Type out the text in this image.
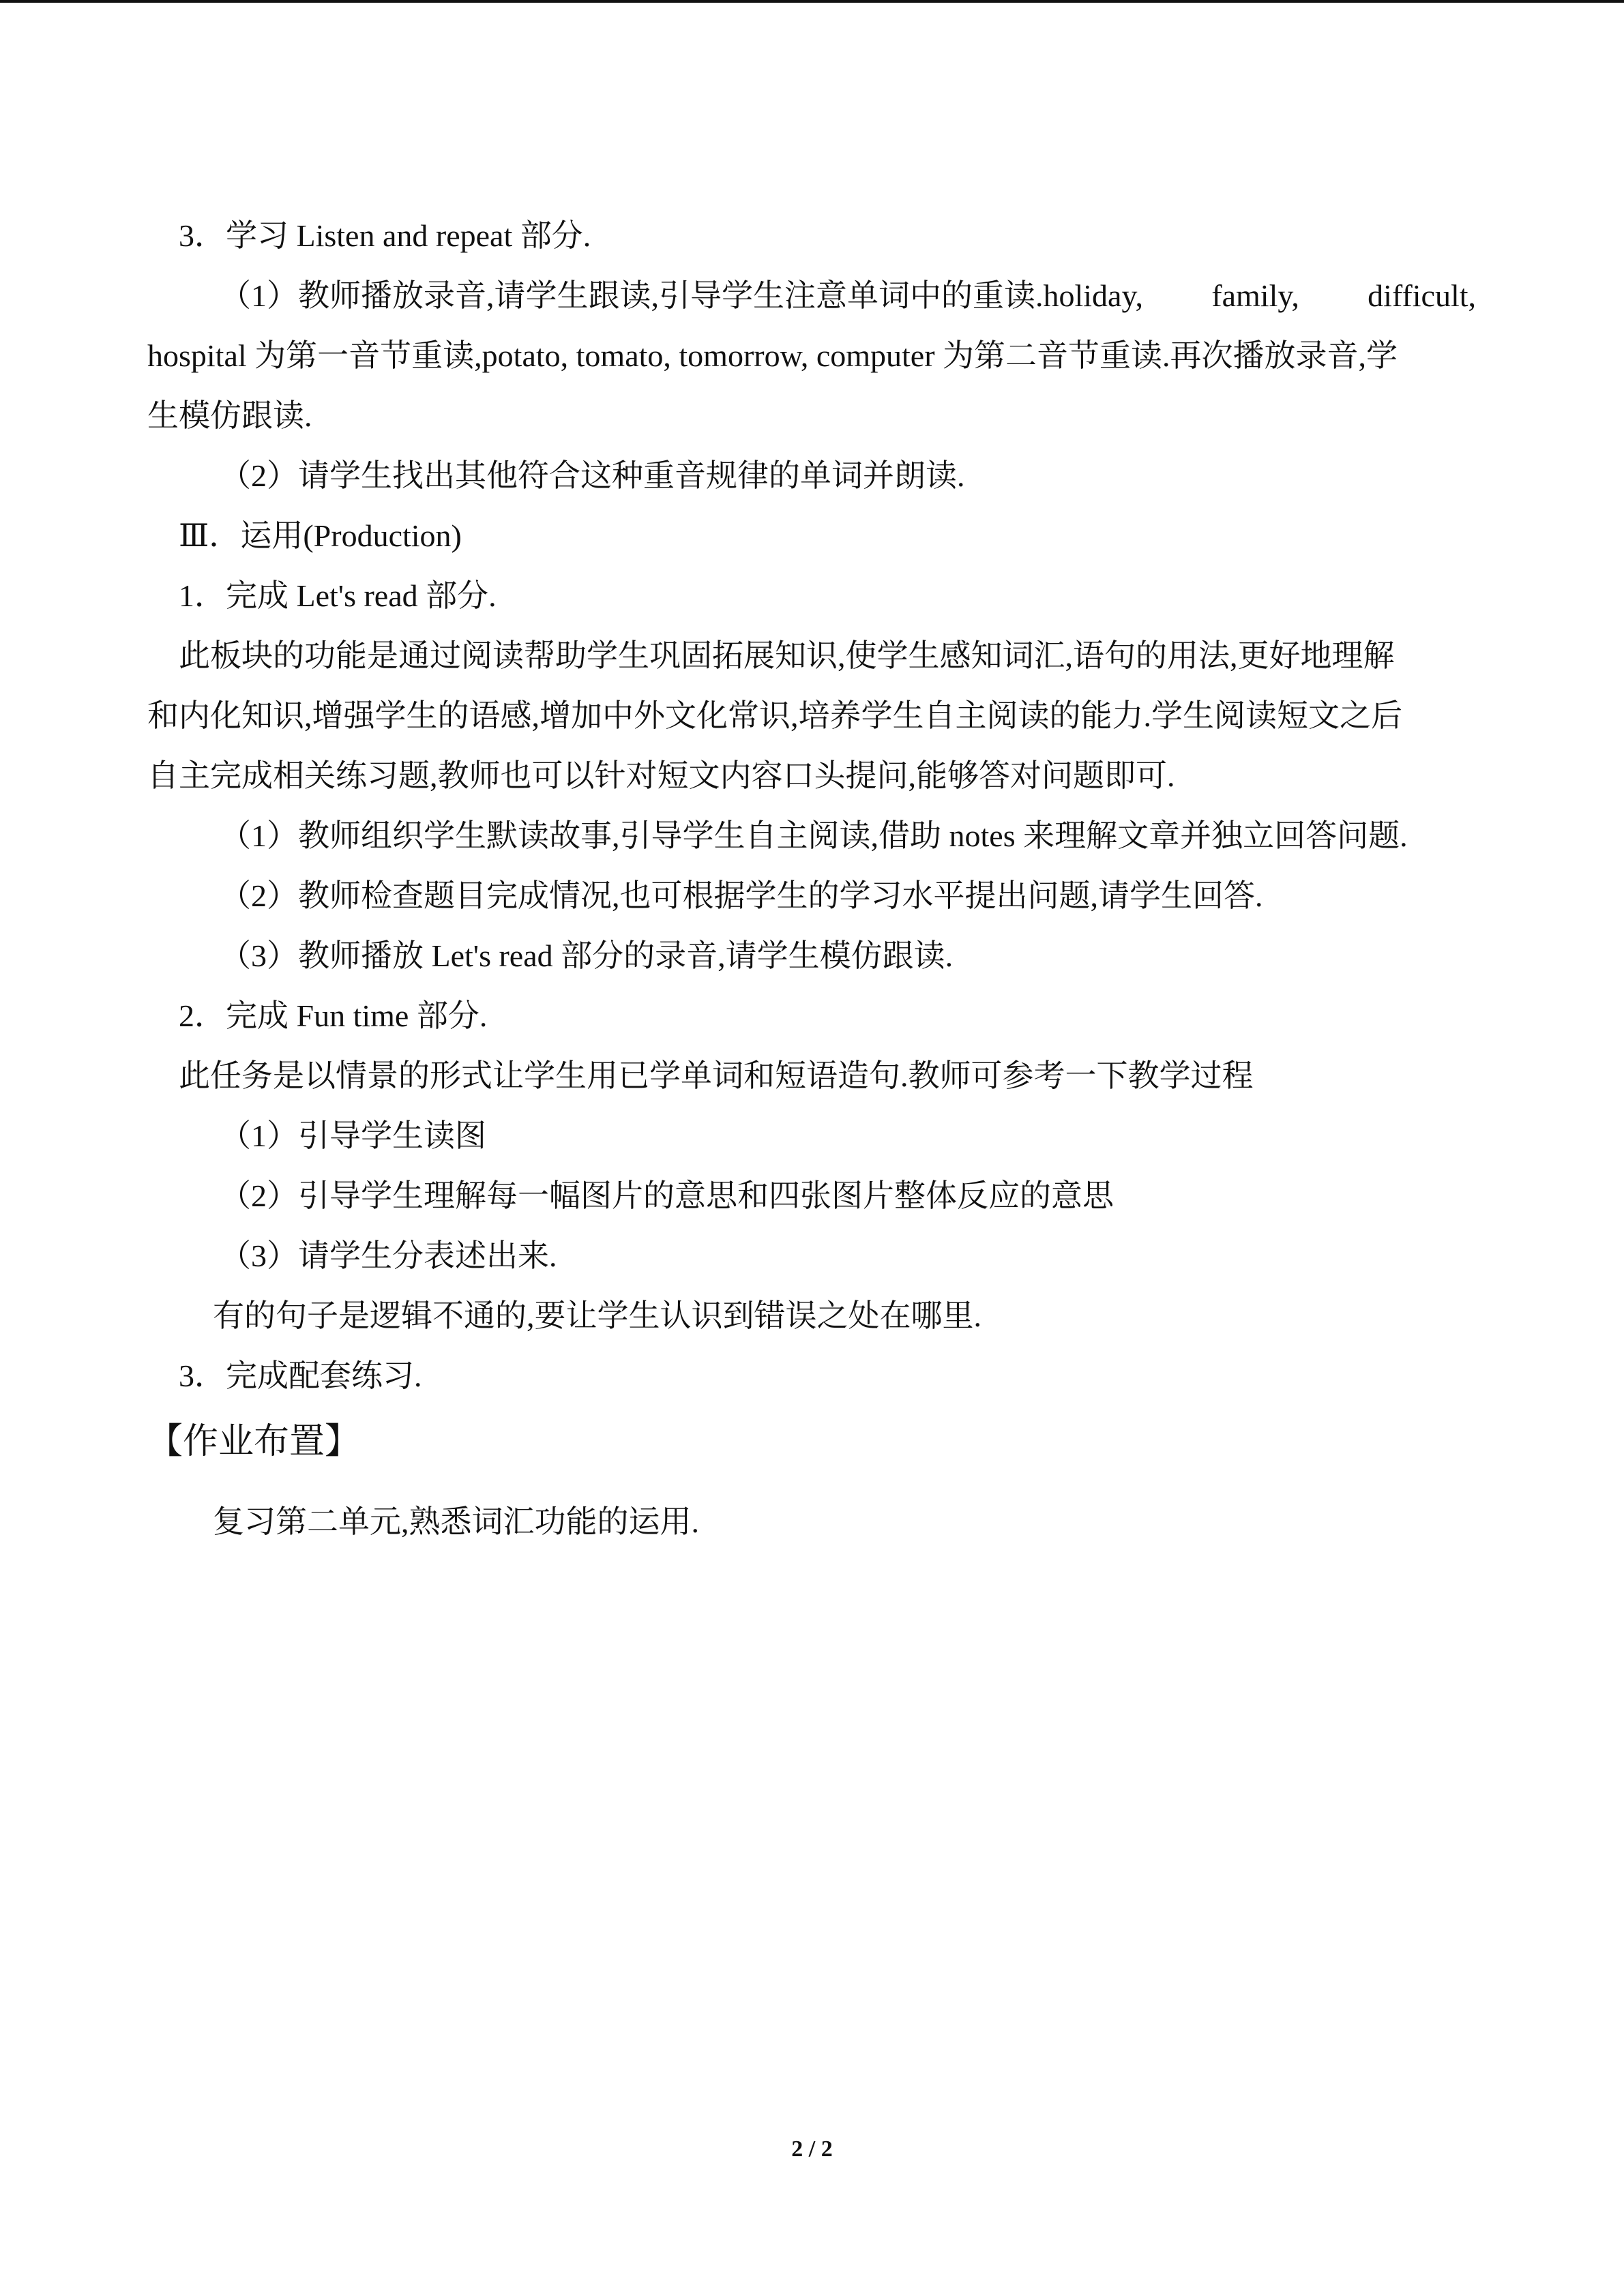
3．学习 Listen and repeat 部分.
（1）教师播放录音,请学生跟读,引导学生注意单词中的重读.holiday, family, difficult,
hospital 为第一音节重读,potato, tomato, tomorrow, computer 为第二音节重读.再次播放录音,学
生模仿跟读.
（2）请学生找出其他符合这种重音规律的单词并朗读.
Ⅲ．运用(Production)
1．完成 Let's read 部分.
此板块的功能是通过阅读帮助学生巩固拓展知识,使学生感知词汇,语句的用法,更好地理解
和内化知识,增强学生的语感,增加中外文化常识,培养学生自主阅读的能力.学生阅读短文之后
自主完成相关练习题,教师也可以针对短文内容口头提问,能够答对问题即可.
（1）教师组织学生默读故事,引导学生自主阅读,借助 notes 来理解文章并独立回答问题.
（2）教师检查题目完成情况,也可根据学生的学习水平提出问题,请学生回答.
（3）教师播放 Let's read 部分的录音,请学生模仿跟读.
2．完成 Fun time 部分.
此任务是以情景的形式让学生用已学单词和短语造句.教师可参考一下教学过程
（1）引导学生读图
（2）引导学生理解每一幅图片的意思和四张图片整体反应的意思
（3）请学生分表述出来.
有的句子是逻辑不通的,要让学生认识到错误之处在哪里.
3．完成配套练习.
【作业布置】
复习第二单元,熟悉词汇功能的运用.
2 / 2
